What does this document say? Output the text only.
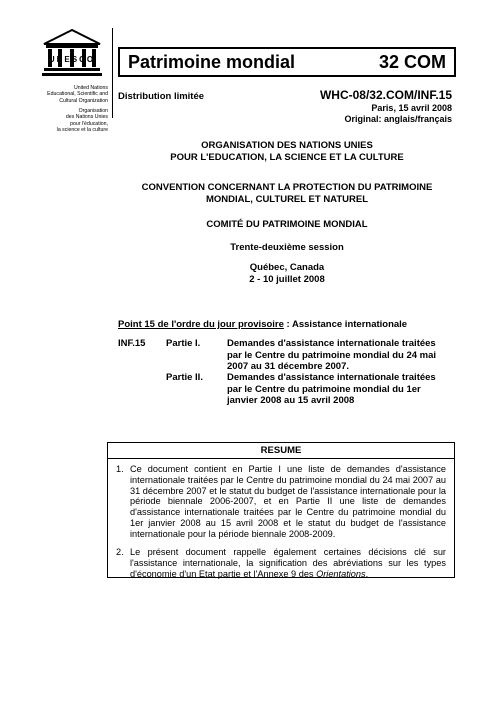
UNESCO
United Nations
Educational, Scientific and
Cultural Organization
Organisation
des Nations Unies
pour l'éducation,
la science et la culture
Patrimoine mondial	32 COM
Distribution limitée	WHC-08/32.COM/INF.15
Paris, 15 avril 2008
Original: anglais/français
ORGANISATION DES NATIONS UNIES
POUR L'EDUCATION, LA SCIENCE ET LA CULTURE
CONVENTION CONCERNANT LA PROTECTION DU PATRIMOINE
MONDIAL, CULTUREL ET NATUREL
COMITÉ DU PATRIMOINE MONDIAL
Trente-deuxième session
Québec, Canada
2 - 10 juillet 2008
Point 15 de l'ordre du jour provisoire : Assistance internationale
INF.15 Partie I.	Demandes d'assistance internationale traitées par le Centre du patrimoine mondial du 24 mai 2007 au 31 décembre 2007.
Partie II.	Demandes d'assistance internationale traitées par le Centre du patrimoine mondial du 1er janvier 2008 au 15 avril 2008
RESUME
1. Ce document contient en Partie I une liste de demandes d'assistance internationale traitées par le Centre du patrimoine mondial du 24 mai 2007 au 31 décembre 2007 et le statut du budget de l'assistance internationale pour la période biennale 2006-2007, et en Partie II une liste de demandes d'assistance internationale traitées par le Centre du patrimoine mondial du 1er janvier 2008 au 15 avril 2008 et le statut du budget de l'assistance internationale pour la période biennale 2008-2009.
2. Le présent document rappelle également certaines décisions clé sur l'assistance internationale, la signification des abréviations sur les types d'économie d'un Etat partie et l'Annexe 9 des Orientations.
